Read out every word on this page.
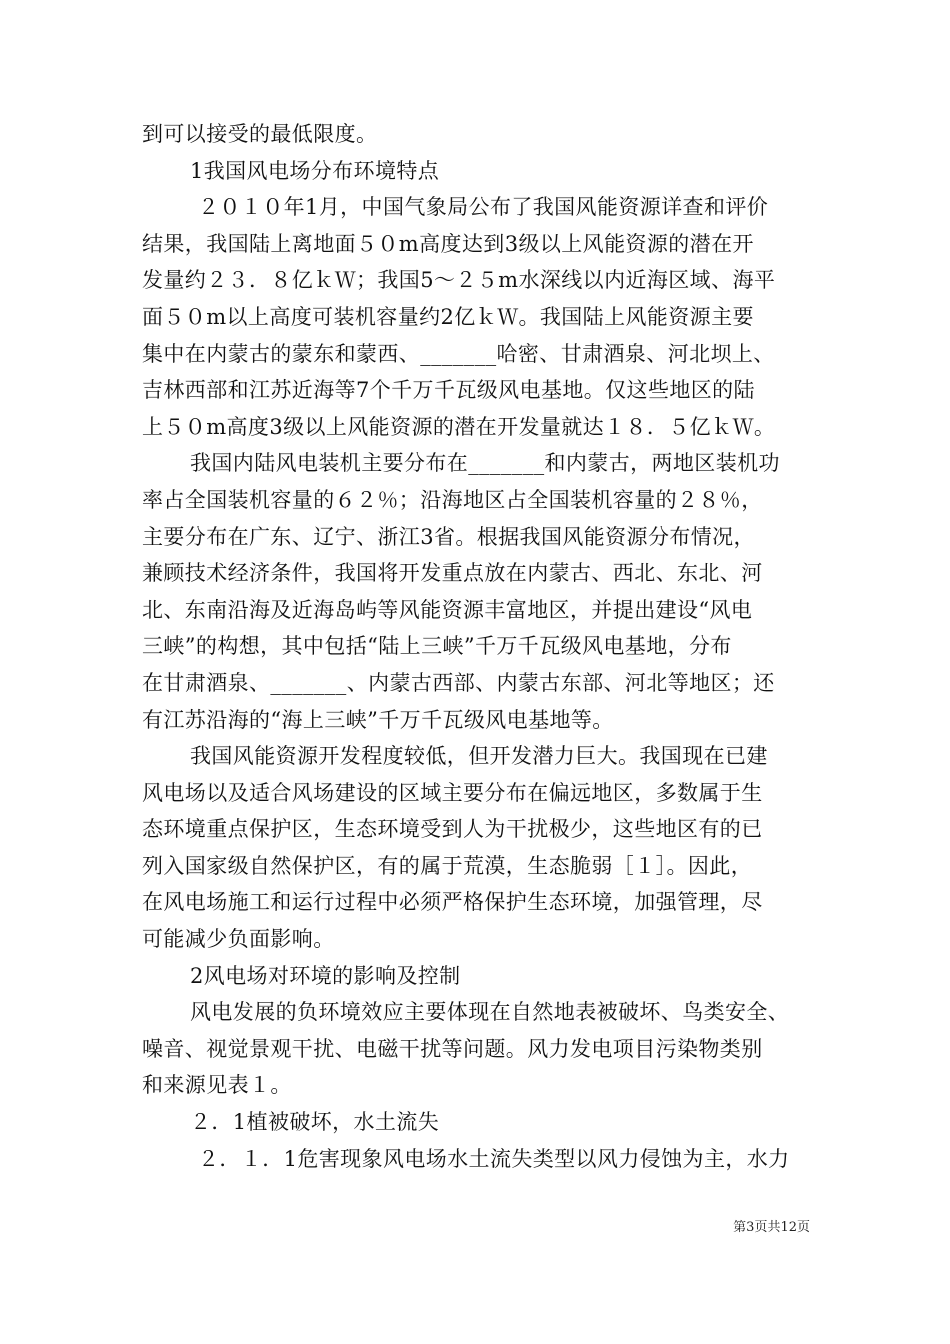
到可以接受的最低限度。
1我国风电场分布环境特点
２０１０年1月，中国气象局公布了我国风能资源详查和评价
结果，我国陆上离地面５０m高度达到3级以上风能资源的潜在开
发量约２３．８亿ｋＷ；我国5～２５m水深线以内近海区域、海平
面５０m以上高度可装机容量约2亿ｋＷ。我国陆上风能资源主要
集中在内蒙古的蒙东和蒙西、_______哈密、甘肃酒泉、河北坝上、
吉林西部和江苏近海等7个千万千瓦级风电基地。仅这些地区的陆
上５０m高度3级以上风能资源的潜在开发量就达１８．５亿ｋＷ。
我国内陆风电装机主要分布在_______和内蒙古，两地区装机功
率占全国装机容量的６２％；沿海地区占全国装机容量的２８％，
主要分布在广东、辽宁、浙江3省。根据我国风能资源分布情况，
兼顾技术经济条件，我国将开发重点放在内蒙古、西北、东北、河
北、东南沿海及近海岛屿等风能资源丰富地区，并提出建设“风电
三峡”的构想，其中包括“陆上三峡”千万千瓦级风电基地，分布
在甘肃酒泉、_______、内蒙古西部、内蒙古东部、河北等地区；还
有江苏沿海的“海上三峡”千万千瓦级风电基地等。
我国风能资源开发程度较低，但开发潜力巨大。我国现在已建
风电场以及适合风场建设的区域主要分布在偏远地区，多数属于生
态环境重点保护区，生态环境受到人为干扰极少，这些地区有的已
列入国家级自然保护区，有的属于荒漠，生态脆弱［１］。因此，
在风电场施工和运行过程中必须严格保护生态环境，加强管理，尽
可能减少负面影响。
2风电场对环境的影响及控制
风电发展的负环境效应主要体现在自然地表被破坏、鸟类安全、
噪音、视觉景观干扰、电磁干扰等问题。风力发电项目污染物类别
和来源见表１。
２．1植被破坏，水土流失
２．１．1危害现象风电场水土流失类型以风力侵蚀为主，水力
第3页共12页
